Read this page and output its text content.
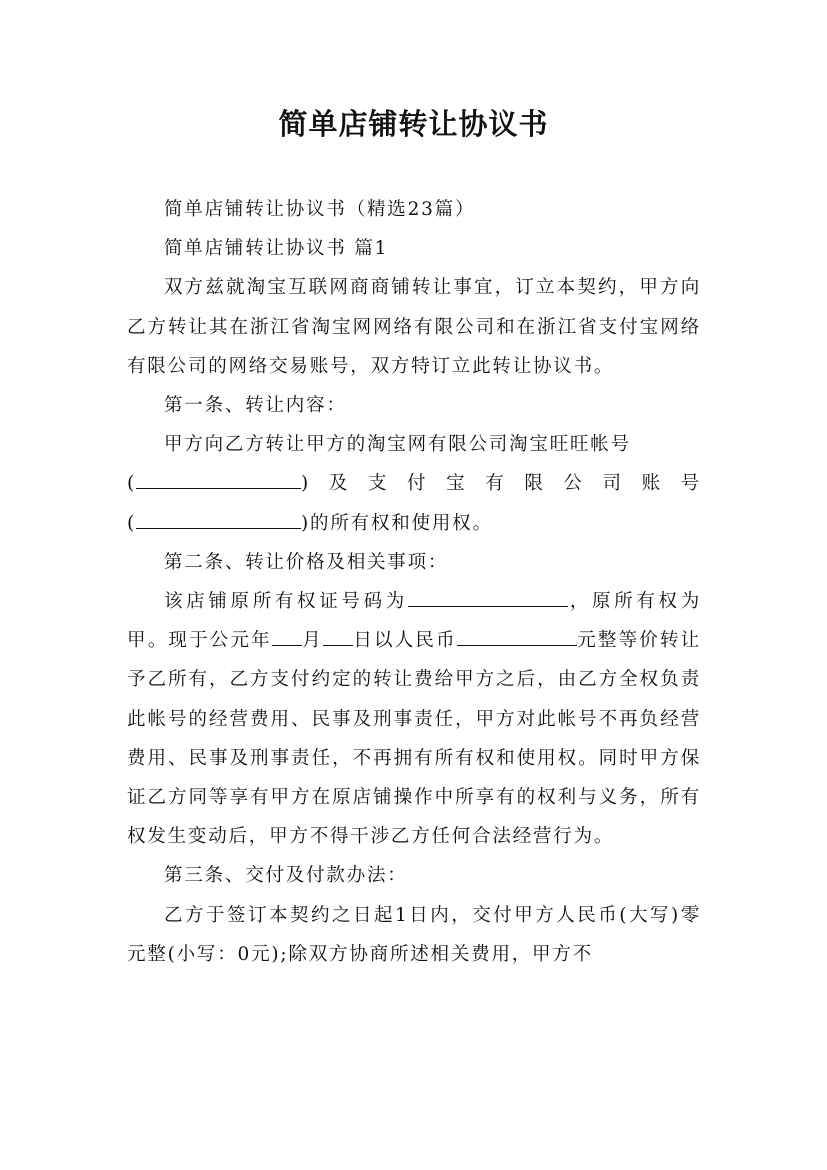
简单店铺转让协议书

简单店铺转让协议书（精选23篇）

简单店铺转让协议书 篇1

双方兹就淘宝互联网商商铺转让事宜，订立本契约，甲方向乙方转让其在浙江省淘宝网网络有限公司和在浙江省支付宝网络有限公司的网络交易账号，双方特订立此转让协议书。

第一条、转让内容：

甲方向乙方转让甲方的淘宝网有限公司淘宝旺旺帐号

(	) 及 支 付 宝 有 限 公 司 账 号

(	)的所有权和使用权。

第二条、转让价格及相关事项：

该店铺原所有权证号码为	，原所有权为甲。现于公元年 月 日以人民币	元整等价转让予乙所有，乙方支付约定的转让费给甲方之后，由乙方全权负责此帐号的经营费用、民事及刑事责任，甲方对此帐号不再负经营费用、民事及刑事责任，不再拥有所有权和使用权。同时甲方保证乙方同等享有甲方在原店铺操作中所享有的权利与义务，所有权发生变动后，甲方不得干涉乙方任何合法经营行为。

第三条、交付及付款办法：

乙方于签订本契约之日起1日内，交付甲方人民币(大写)零元整(小写：0元);除双方协商所述相关费用，甲方不
